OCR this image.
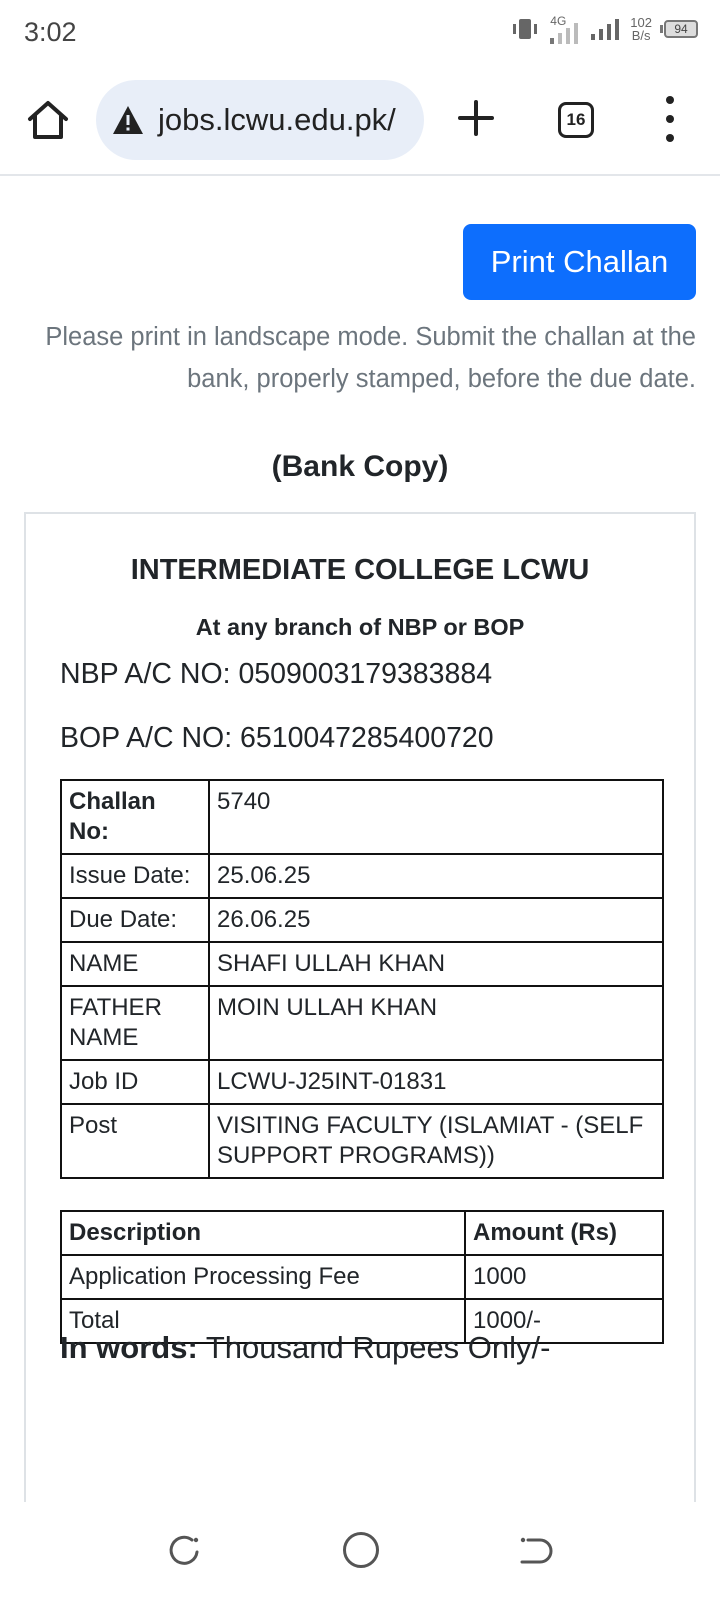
3:02	4G	102
B/s	94
jobs.lcwu.edu.pk/	16
Print Challan
Please print in landscape mode. Submit the challan at the bank, properly stamped, before the due date.
(Bank Copy)
INTERMEDIATE COLLEGE LCWU
At any branch of NBP or BOP
NBP A/C NO: 0509003179383884
BOP A/C NO: 6510047285400720
Challan No:	5740
Issue Date:	25.06.25
Due Date:	26.06.25
NAME	SHAFI ULLAH KHAN
FATHER NAME	MOIN ULLAH KHAN
Job ID	LCWU-J25INT-01831
Post	VISITING FACULTY (ISLAMIAT - (SELF SUPPORT PROGRAMS))
Description	Amount (Rs)
Application Processing Fee	1000
Total	1000/-
In words: Thousand Rupees Only/-
